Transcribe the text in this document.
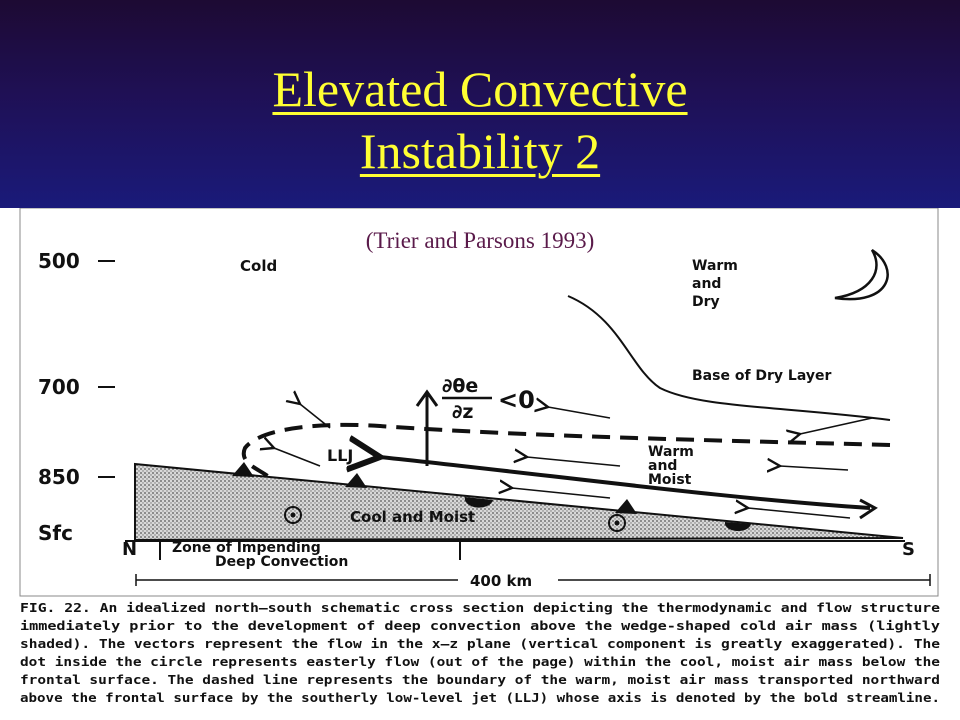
Elevated Convective
Instability 2
500
700
850
Sfc
∂θe
∂z <0
Cold	Warm
and
Dry
Base of Dry Layer
Warm
and
Moist
LLJ
Cool and Moist
N	S
Zone of Impending
Deep Convection
400 km
FIG. 22. An idealized north–south schematic cross section depicting the thermodynamic and flow structure
immediately prior to the development of deep convection above the wedge-shaped cold air mass (lightly
shaded). The vectors represent the flow in the x–z plane (vertical component is greatly exaggerated). The
dot inside the circle represents easterly flow (out of the page) within the cool, moist air mass below the
frontal surface. The dashed line represents the boundary of the warm, moist air mass transported northward
above the frontal surface by the southerly low-level jet (LLJ) whose axis is denoted by the bold streamline.
(Trier and Parsons 1993)
